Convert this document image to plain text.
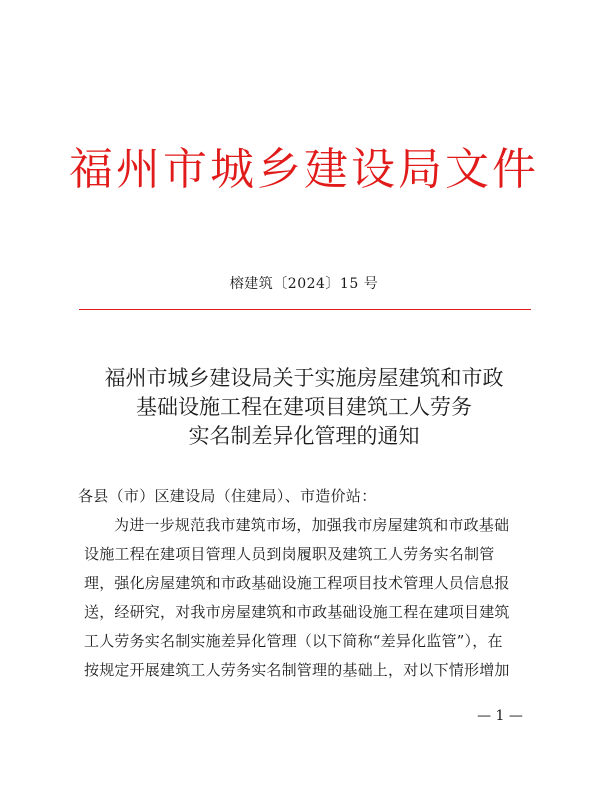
福州市城乡建设局文件
榕建筑〔2024〕15 号
福州市城乡建设局关于实施房屋建筑和市政
基础设施工程在建项目建筑工人劳务
实名制差异化管理的通知
各县（市）区建设局（住建局）、市造价站：
为进一步规范我市建筑市场，加强我市房屋建筑和市政基础
设施工程在建项目管理人员到岗履职及建筑工人劳务实名制管
理，强化房屋建筑和市政基础设施工程项目技术管理人员信息报
送，经研究，对我市房屋建筑和市政基础设施工程在建项目建筑
工人劳务实名制实施差异化管理（以下简称“差异化监管”），在
按规定开展建筑工人劳务实名制管理的基础上，对以下情形增加
— 1 —
